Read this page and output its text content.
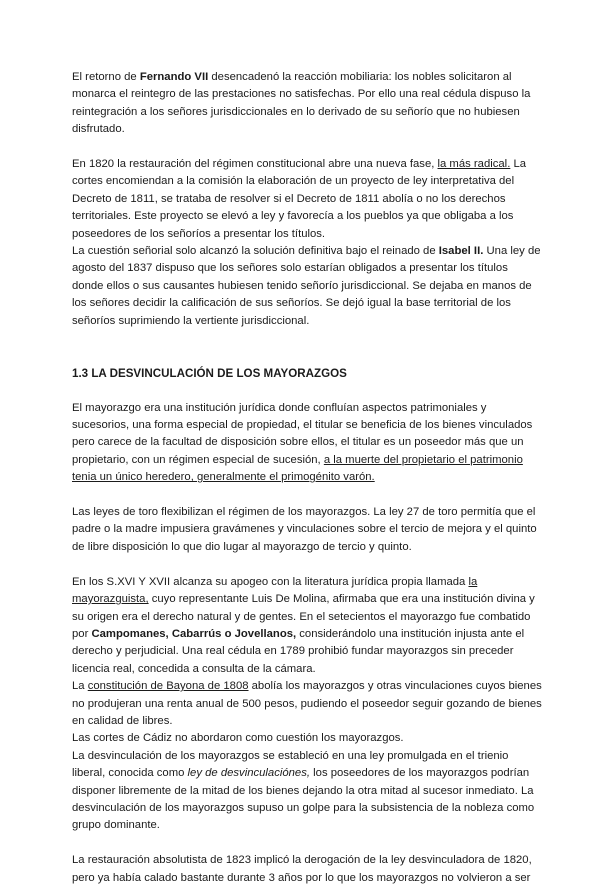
El retorno de Fernando VII desencadenó la reacción mobiliaria: los nobles solicitaron al monarca el reintegro de las prestaciones no satisfechas. Por ello una real cédula dispuso la reintegración a los señores jurisdiccionales en lo derivado de su señorío que no hubiesen disfrutado.

En 1820 la restauración del régimen constitucional abre una nueva fase, la más radical. La cortes encomiendan a la comisión la elaboración de un proyecto de ley interpretativa del Decreto de 1811, se trataba de resolver si el Decreto de 1811 abolía o no los derechos territoriales. Este proyecto se elevó a ley y favorecía a los pueblos ya que obligaba a los poseedores de los señoríos a presentar los títulos.

La cuestión señorial solo alcanzó la solución definitiva bajo el reinado de Isabel II. Una ley de agosto del 1837 dispuso que los señores solo estarían obligados a presentar los títulos donde ellos o sus causantes hubiesen tenido señorío jurisdiccional. Se dejaba en manos de los señores decidir la calificación de sus señoríos. Se dejó igual la base territorial de los señoríos suprimiendo la vertiente jurisdiccional.

1.3 LA DESVINCULACIÓN DE LOS MAYORAZGOS

El mayorazgo era una institución jurídica donde confluían aspectos patrimoniales y sucesorios, una forma especial de propiedad, el titular se beneficia de los bienes vinculados pero carece de la facultad de disposición sobre ellos, el titular es un poseedor más que un propietario, con un régimen especial de sucesión, a la muerte del propietario el patrimonio tenia un único heredero, generalmente el primogénito varón.

Las leyes de toro flexibilizan el régimen de los mayorazgos. La ley 27 de toro permitía que el padre o la madre impusiera gravámenes y vinculaciones sobre el tercio de mejora y el quinto de libre disposición lo que dio lugar al mayorazgo de tercio y quinto.

En los S.XVI Y XVII alcanza su apogeo con la literatura jurídica propia llamada la mayorazguista, cuyo representante Luis De Molina, afirmaba que era una institución divina y su origen era el derecho natural y de gentes. En el setecientos el mayorazgo fue combatido por Campomanes, Cabarrús o Jovellanos, considerándolo una institución injusta ante el derecho y perjudicial. Una real cédula en 1789 prohibió fundar mayorazgos sin preceder licencia real, concedida a consulta de la cámara.

La constitución de Bayona de 1808 abolía los mayorazgos y otras vinculaciones cuyos bienes no produjeran una renta anual de 500 pesos, pudiendo el poseedor seguir gozando de bienes en calidad de libres.

Las cortes de Cádiz no abordaron como cuestión los mayorazgos.

La desvinculación de los mayorazgos se estableció en una ley promulgada en el trienio liberal, conocida como ley de desvinculaciónes, los poseedores de los mayorazgos podrían disponer libremente de la mitad de los bienes dejando la otra mitad al sucesor inmediato. La desvinculación de los mayorazgos supuso un golpe para la subsistencia de la nobleza como grupo dominante.

La restauración absolutista de 1823 implicó la derogación de la ley desvinculadora de 1820, pero ya había calado bastante durante 3 años por lo que los mayorazgos no volvieron a ser
